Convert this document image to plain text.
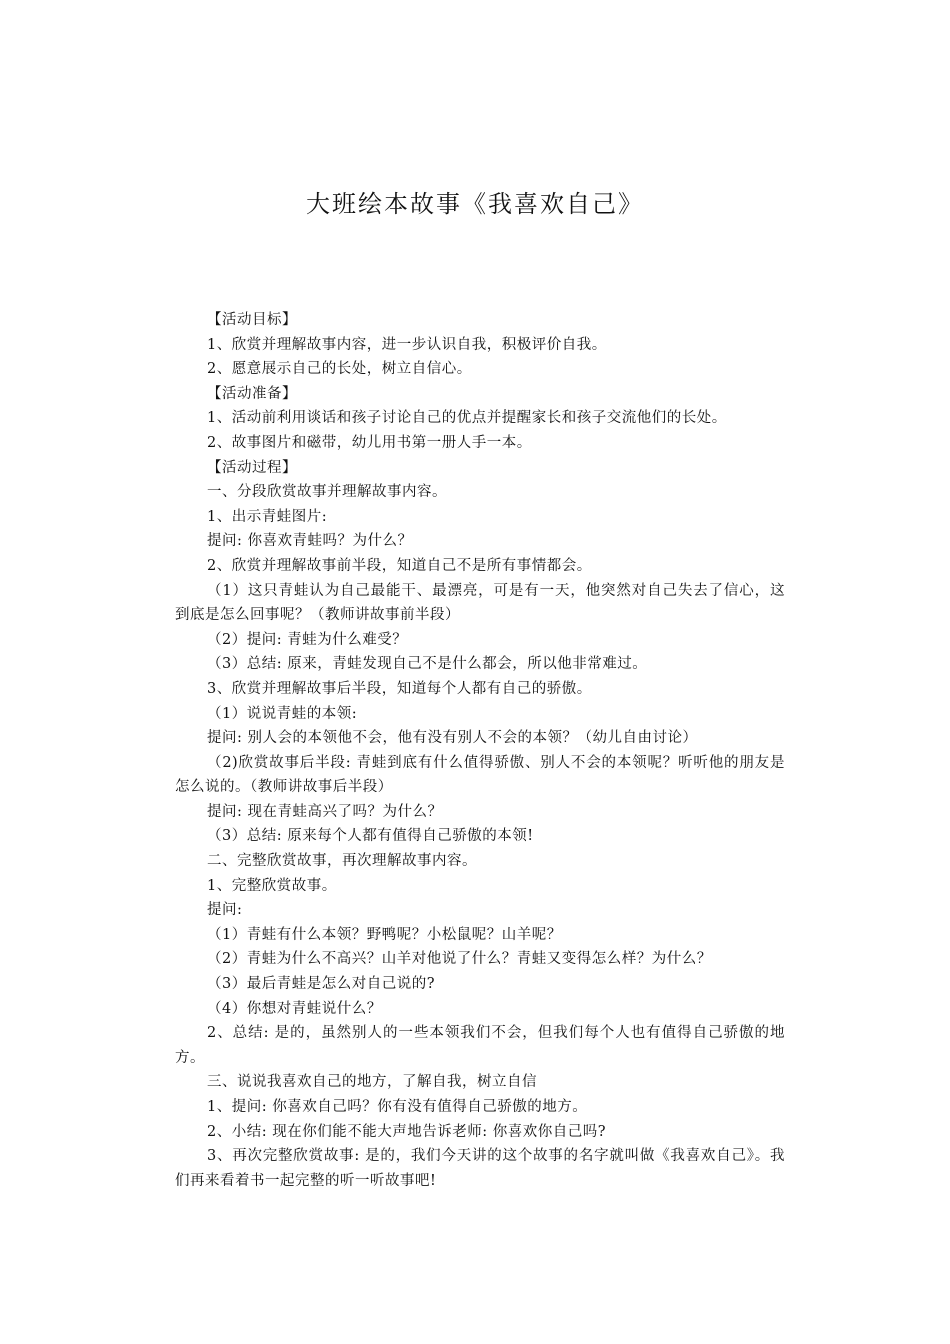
大班绘本故事《我喜欢自己》

【活动目标】

1、欣赏并理解故事内容，进一步认识自我，积极评价自我。

2、愿意展示自己的长处，树立自信心。

【活动准备】

1、活动前利用谈话和孩子讨论自己的优点并提醒家长和孩子交流他们的长处。

2、故事图片和磁带，幼儿用书第一册人手一本。

【活动过程】

一、分段欣赏故事并理解故事内容。

1、出示青蛙图片:

提问: 你喜欢青蛙吗？为什么？

2、欣赏并理解故事前半段，知道自己不是所有事情都会。

（1）这只青蛙认为自己最能干、最漂亮，可是有一天，他突然对自己失去了信心，这到底是怎么回事呢？（教师讲故事前半段）

（2）提问: 青蛙为什么难受？

（3）总结: 原来，青蛙发现自己不是什么都会，所以他非常难过。

3、欣赏并理解故事后半段，知道每个人都有自己的骄傲。

（1）说说青蛙的本领:

提问: 别人会的本领他不会，他有没有别人不会的本领？（幼儿自由讨论）

（2)欣赏故事后半段: 青蛙到底有什么值得骄傲、别人不会的本领呢？听听他的朋友是怎么说的。（教师讲故事后半段）

提问: 现在青蛙高兴了吗？为什么？

（3）总结: 原来每个人都有值得自己骄傲的本领!

二、完整欣赏故事，再次理解故事内容。

1、完整欣赏故事。

提问:

（1）青蛙有什么本领？野鸭呢？小松鼠呢？山羊呢？

（2）青蛙为什么不高兴？山羊对他说了什么？青蛙又变得怎么样？为什么？

（3）最后青蛙是怎么对自己说的?

（4）你想对青蛙说什么？

2、总结: 是的，虽然别人的一些本领我们不会，但我们每个人也有值得自己骄傲的地方。

三、说说我喜欢自己的地方，了解自我，树立自信

1、提问: 你喜欢自己吗？你有没有值得自己骄傲的地方。

2、小结: 现在你们能不能大声地告诉老师: 你喜欢你自己吗?

3、再次完整欣赏故事: 是的，我们今天讲的这个故事的名字就叫做《我喜欢自己》。我们再来看着书一起完整的听一听故事吧!
